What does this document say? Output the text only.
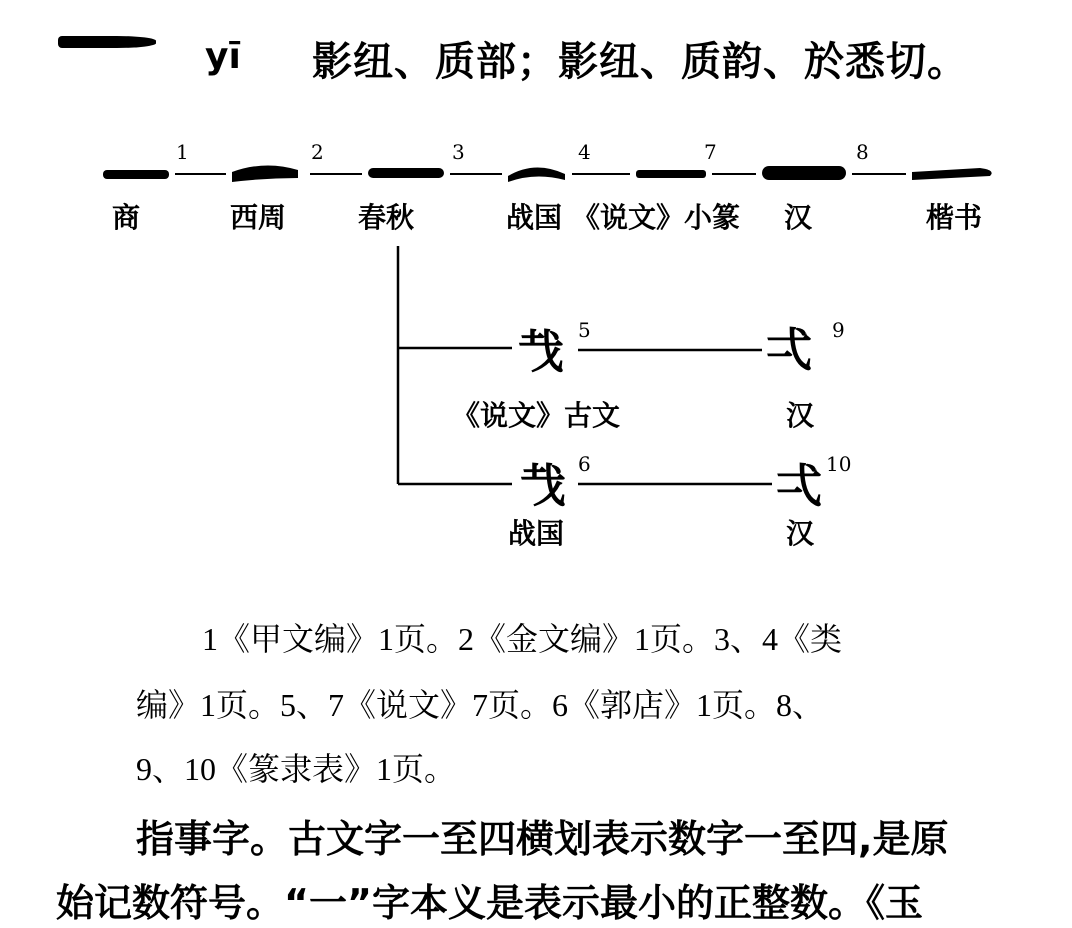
yī 影纽、质部；影纽、质韵、於悉切。
1	2	3	4	7	8
商	西周	春秋	战国 《说文》小篆 汉	楷书
𢦏 5
《说文》古文
弌 9
汉
𢦏 6
战国
弌 10
汉
1《甲文编》1页。2《金文编》1页。3、4《类
编》1页。5、7《说文》7页。6《郭店》1页。8、
9、10《篆隶表》1页。
指事字。古文字一至四横划表示数字一至四,是原
始记数符号。“一”字本义是表示最小的正整数。《玉
